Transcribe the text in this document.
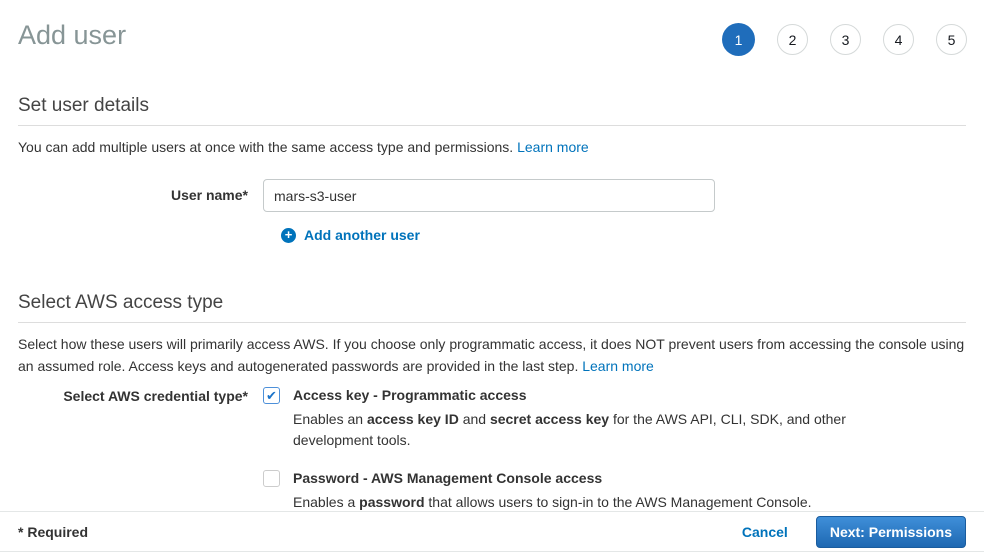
Add user	1	2	3	4	5
Set user details

You can add multiple users at once with the same access type and permissions. Learn more

User name*
mars-s3-user
+ Add another user
Select AWS access type

Select how these users will primarily access AWS. If you choose only programmatic access, it does NOT prevent users from accessing the console using an assumed role. Access keys and autogenerated passwords are provided in the last step. Learn more

Select AWS credential type* ✔ Access key - Programmatic access
Enables an access key ID and secret access key for the AWS API, CLI, SDK, and other development tools.
Password - AWS Management Console access
Enables a password that allows users to sign-in to the AWS Management Console.
* Required	Cancel	Next: Permissions
